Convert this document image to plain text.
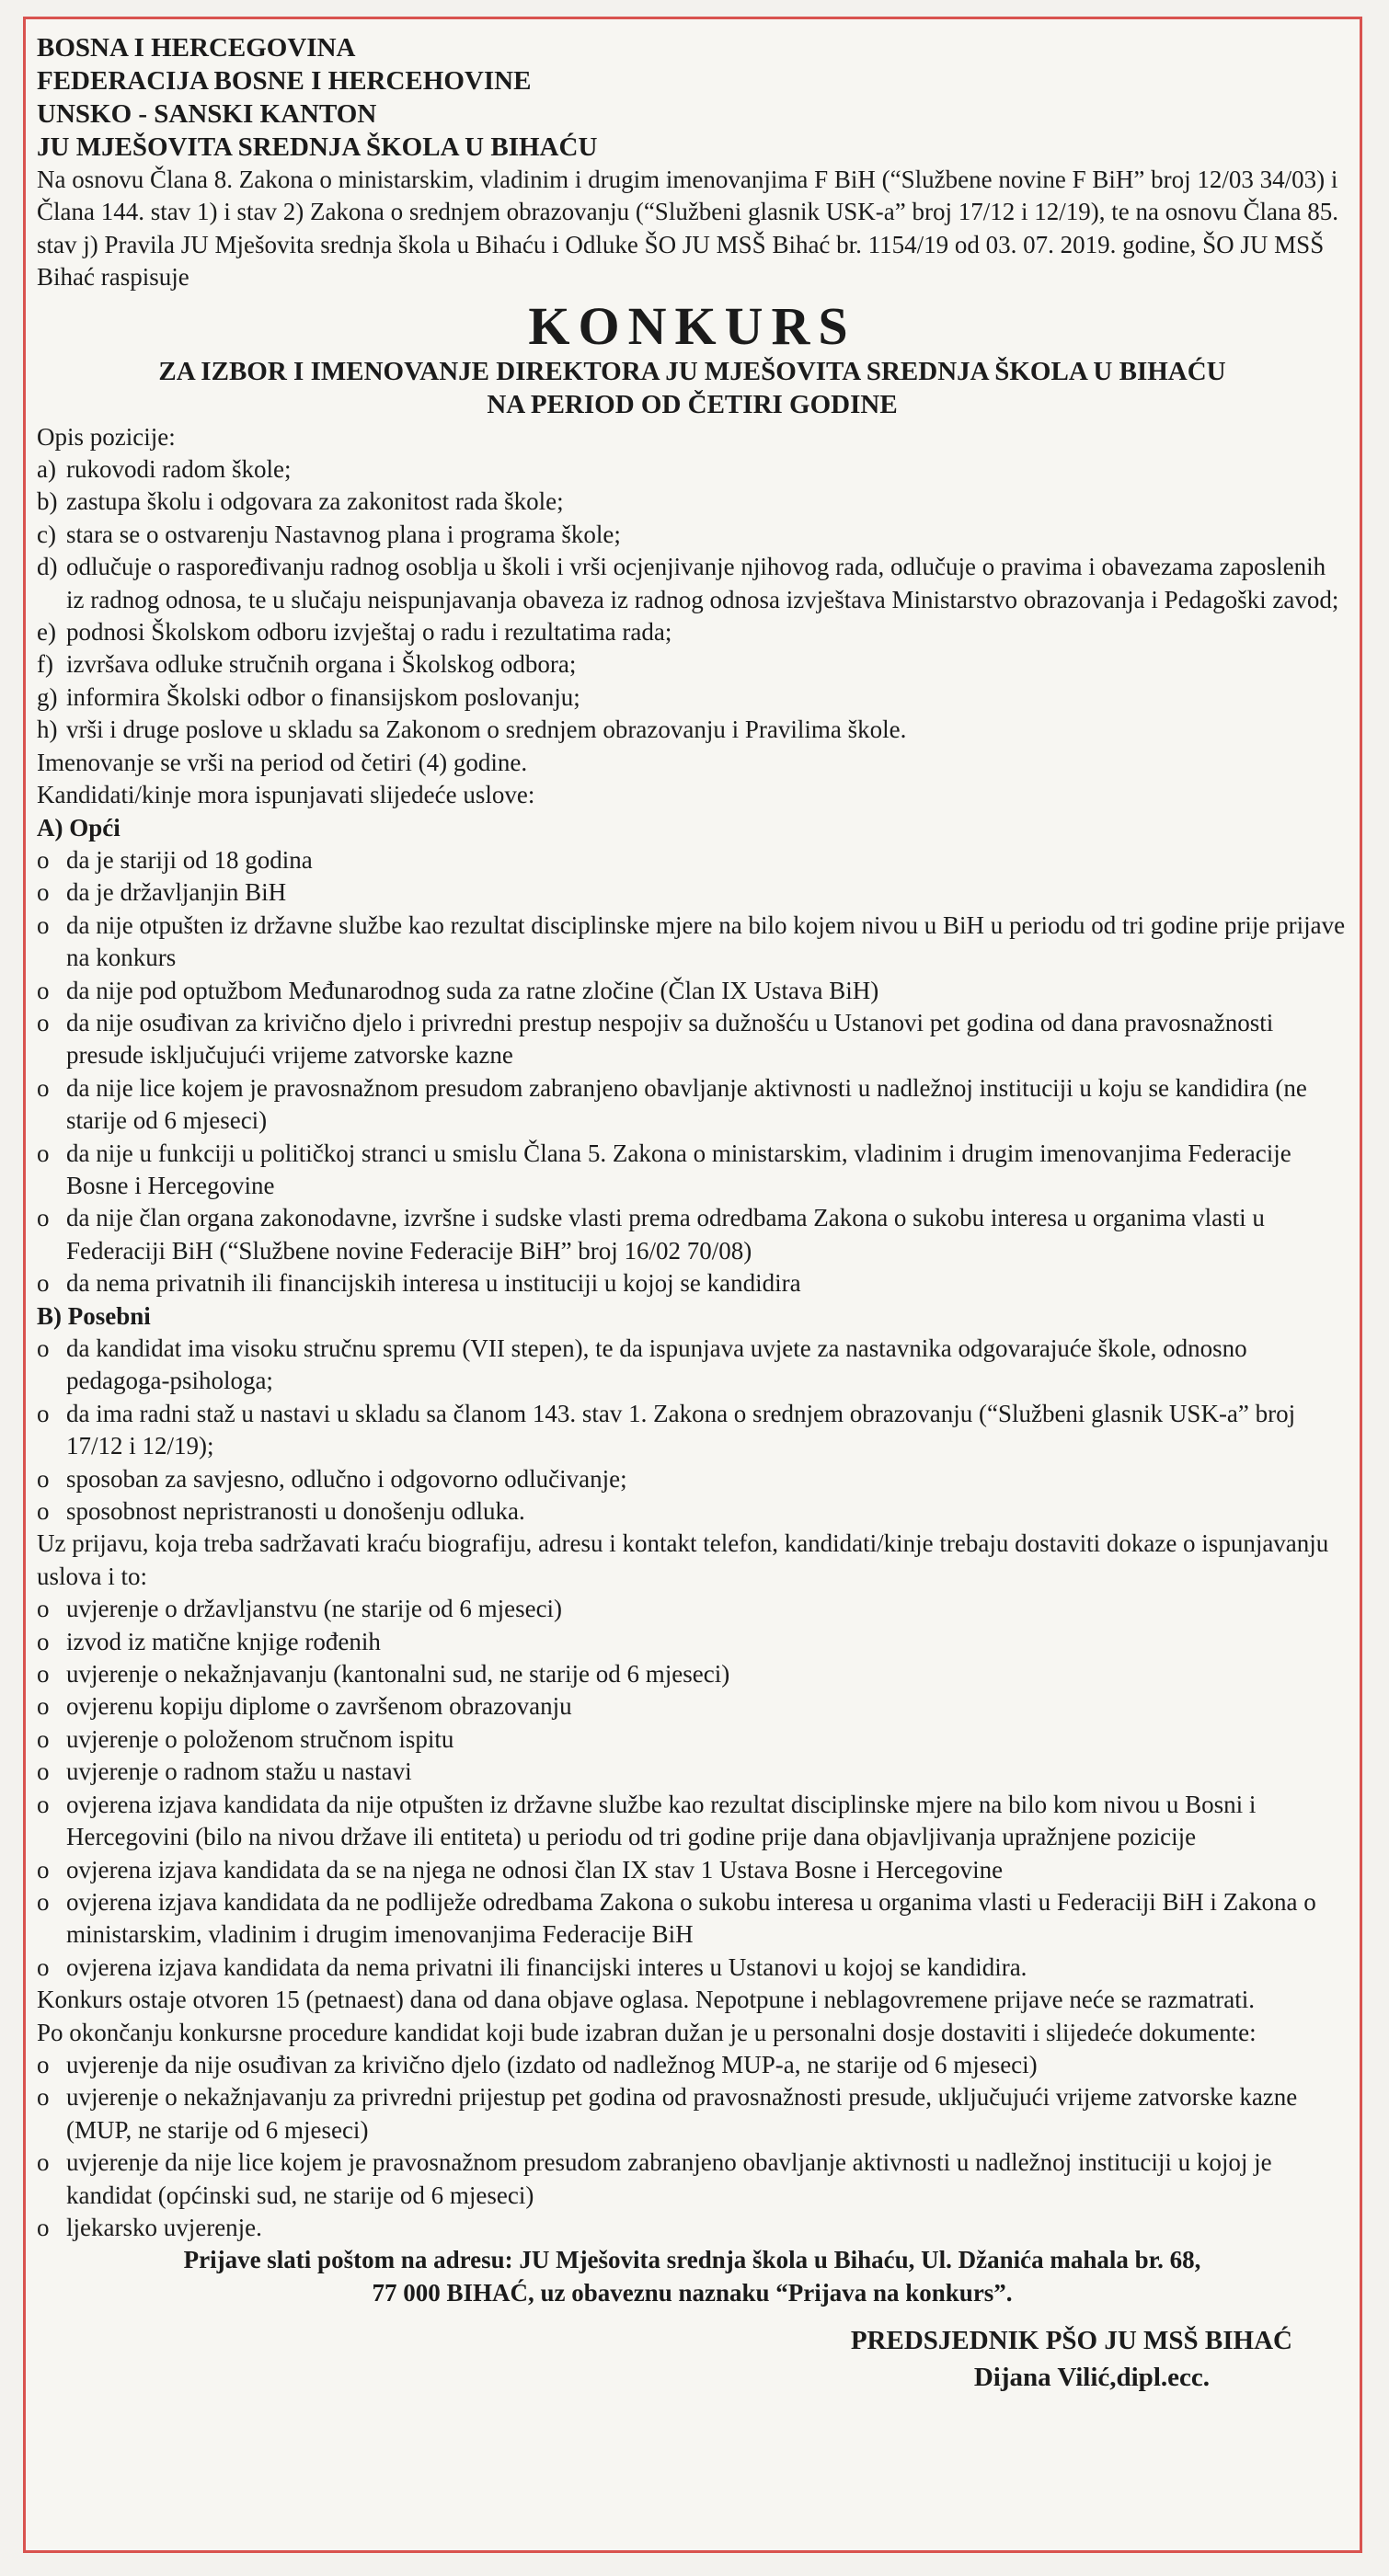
BOSNA I HERCEGOVINA
FEDERACIJA BOSNE I HERCEHOVINE
UNSKO - SANSKI KANTON
JU MJEŠOVITA SREDNJA ŠKOLA U BIHAĆU
Na osnovu Člana 8. Zakona o ministarskim, vladinim i drugim imenovanjima F BiH (“Službene novine F BiH” broj 12/03 34/03) i Člana 144. stav 1) i stav 2) Zakona o srednjem obrazovanju (“Službeni glasnik USK-a” broj 17/12 i 12/19), te na osnovu Člana 85. stav j) Pravila JU Mješovita srednja škola u Bihaću i Odluke ŠO JU MSŠ Bihać br. 1154/19 od 03. 07. 2019. godine, ŠO JU MSŠ Bihać raspisuje
KONKURS
ZA IZBOR I IMENOVANJE DIREKTORA JU MJEŠOVITA SREDNJA ŠKOLA U BIHAĆU
NA PERIOD OD ČETIRI GODINE
Opis pozicije:
a) rukovodi radom škole;
b) zastupa školu i odgovara za zakonitost rada škole;
c) stara se o ostvarenju Nastavnog plana i programa škole;
d) odlučuje o raspoređivanju radnog osoblja u školi i vrši ocjenjivanje njihovog rada, odlučuje o pravima i obavezama zaposlenih iz radnog odnosa, te u slučaju neispunjavanja obaveza iz radnog odnosa izvještava Ministarstvo obrazovanja i Pedagoški zavod;
e) podnosi Školskom odboru izvještaj o radu i rezultatima rada;
f) izvršava odluke stručnih organa i Školskog odbora;
g) informira Školski odbor o finansijskom poslovanju;
h) vrši i druge poslove u skladu sa Zakonom o srednjem obrazovanju i Pravilima škole.
Imenovanje se vrši na period od četiri (4) godine.
Kandidati/kinje mora ispunjavati slijedeće uslove:
A) Opći
o da je stariji od 18 godina
o da je državljanjin BiH
o da nije otpušten iz državne službe kao rezultat disciplinske mjere na bilo kojem nivou u BiH u periodu od tri godine prije prijave na konkurs
o da nije pod optužbom Međunarodnog suda za ratne zločine (Član IX Ustava BiH)
o da nije osuđivan za krivično djelo i privredni prestup nespojiv sa dužnošću u Ustanovi pet godina od dana pravosnažnosti presude isključujući vrijeme zatvorske kazne
o da nije lice kojem je pravosnažnom presudom zabranjeno obavljanje aktivnosti u nadležnoj instituciji u koju se kandidira (ne starije od 6 mjeseci)
o da nije u funkciji u političkoj stranci u smislu Člana 5. Zakona o ministarskim, vladinim i drugim imenovanjima Federacije Bosne i Hercegovine
o da nije član organa zakonodavne, izvršne i sudske vlasti prema odredbama Zakona o sukobu interesa u organima vlasti u Federaciji BiH (“Službene novine Federacije BiH” broj 16/02 70/08)
o da nema privatnih ili financijskih interesa u instituciji u kojoj se kandidira
B) Posebni
o da kandidat ima visoku stručnu spremu (VII stepen), te da ispunjava uvjete za nastavnika odgovarajuće škole, odnosno pedagoga-psihologa;
o da ima radni staž u nastavi u skladu sa članom 143. stav 1. Zakona o srednjem obrazovanju (“Službeni glasnik USK-a” broj 17/12 i 12/19);
o sposoban za savjesno, odlučno i odgovorno odlučivanje;
o sposobnost nepristranosti u donošenju odluka.
Uz prijavu, koja treba sadržavati kraću biografiju, adresu i kontakt telefon, kandidati/kinje trebaju dostaviti dokaze o ispunjavanju uslova i to:
o uvjerenje o državljanstvu (ne starije od 6 mjeseci)
o izvod iz matične knjige rođenih
o uvjerenje o nekažnjavanju (kantonalni sud, ne starije od 6 mjeseci)
o ovjerenu kopiju diplome o završenom obrazovanju
o uvjerenje o položenom stručnom ispitu
o uvjerenje o radnom stažu u nastavi
o ovjerena izjava kandidata da nije otpušten iz državne službe kao rezultat disciplinske mjere na bilo kom nivou u Bosni i Hercegovini (bilo na nivou države ili entiteta) u periodu od tri godine prije dana objavljivanja upražnjene pozicije
o ovjerena izjava kandidata da se na njega ne odnosi član IX stav 1 Ustava Bosne i Hercegovine
o ovjerena izjava kandidata da ne podliježe odredbama Zakona o sukobu interesa u organima vlasti u Federaciji BiH i Zakona o ministarskim, vladinim i drugim imenovanjima Federacije BiH
o ovjerena izjava kandidata da nema privatni ili financijski interes u Ustanovi u kojoj se kandidira.
Konkurs ostaje otvoren 15 (petnaest) dana od dana objave oglasa. Nepotpune i neblagovremene prijave neće se razmatrati.
Po okončanju konkursne procedure kandidat koji bude izabran dužan je u personalni dosje dostaviti i slijedeće dokumente:
o uvjerenje da nije osuđivan za krivično djelo (izdato od nadležnog MUP-a, ne starije od 6 mjeseci)
o uvjerenje o nekažnjavanju za privredni prijestup pet godina od pravosnažnosti presude, uključujući vrijeme zatvorske kazne (MUP, ne starije od 6 mjeseci)
o uvjerenje da nije lice kojem je pravosnažnom presudom zabranjeno obavljanje aktivnosti u nadležnoj instituciji u kojoj je kandidat (općinski sud, ne starije od 6 mjeseci)
o ljekarsko uvjerenje.
Prijave slati poštom na adresu: JU Mješovita srednja škola u Bihaću, Ul. Džanića mahala br. 68,
77 000 BIHAĆ, uz obaveznu naznaku “Prijava na konkurs”.
PREDSJEDNIK PŠO JU MSŠ BIHAĆ
Dijana Vilić,dipl.ecc.
